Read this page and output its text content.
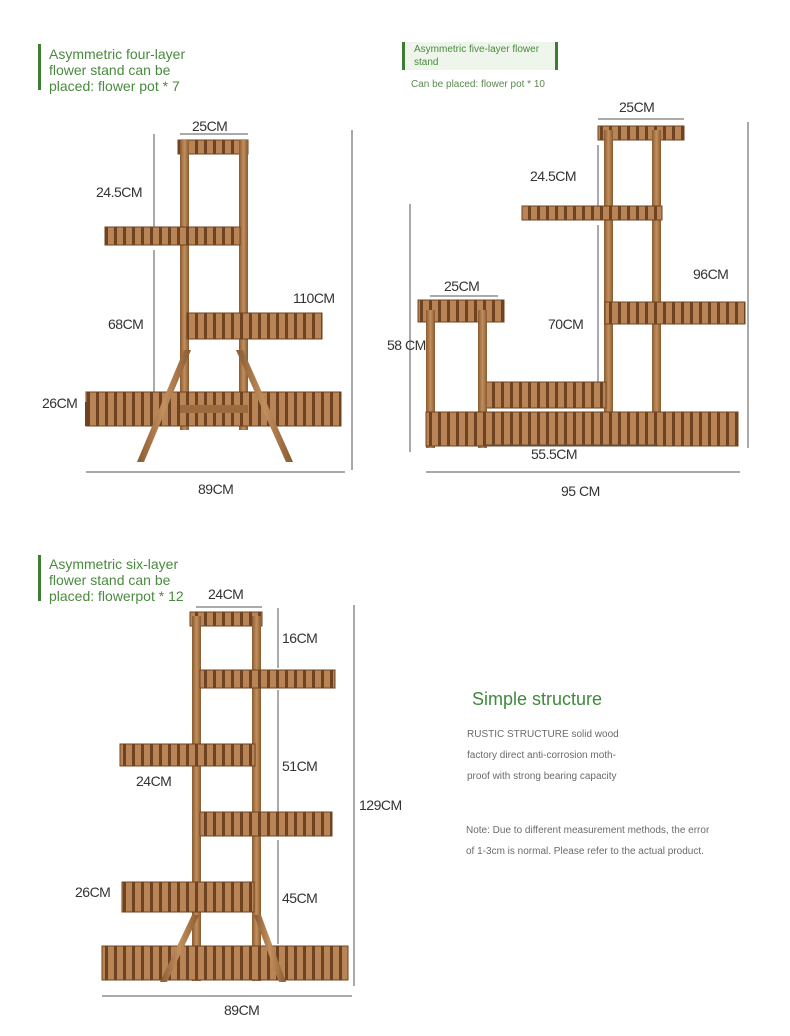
Asymmetric four-layer
flower stand can be
placed: flower pot * 7
Asymmetric five-layer flower
stand
Can be placed: flower pot * 10
Asymmetric six-layer
flower stand can be
placed: flowerpot * 12
25CM
24.5CM
68CM
110CM
26CM
89CM
25CM
24.5CM
25CM
58 CM
70CM
96CM
55.5CM
95 CM
24CM
16CM
51CM
129CM
24CM
45CM
26CM
89CM
Simple structure
RUSTIC STRUCTURE solid wood
factory direct anti-corrosion moth-
proof with strong bearing capacity
Note: Due to different measurement methods, the error
of 1-3cm is normal. Please refer to the actual product.
